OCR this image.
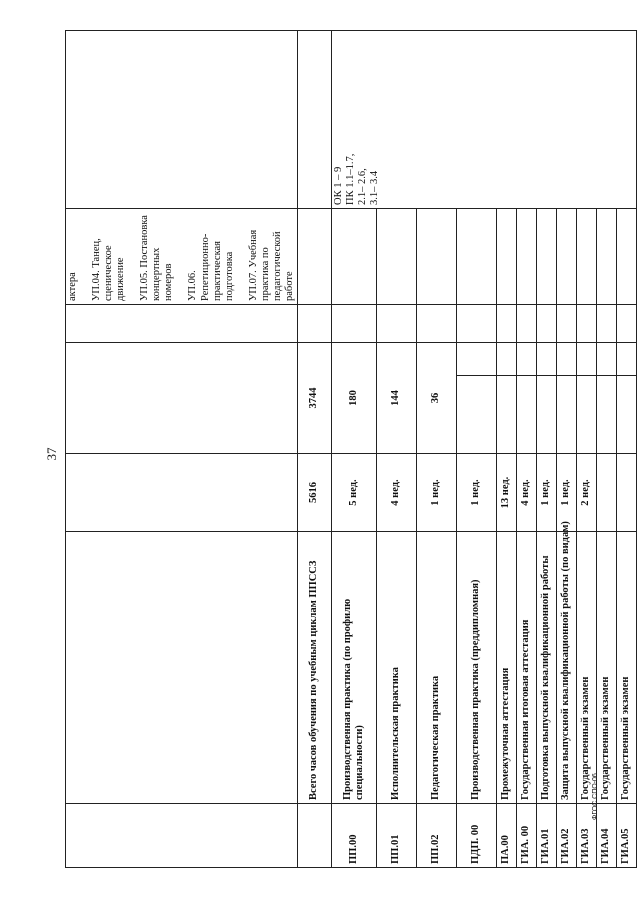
37
ФГОС СПО-06

						актера УП.04. Танец, сценическое движение УП.05. Постановка концертных номеров УП.06. Репетиционно-практическая подготовка УП.07. Учебная практика по педагогической работе	

	Всего часов обучения по учебным циклам ППССЗ	5616	3744				
ПП.00	Производственная практика (по профилю специальности)	5 нед.	180				ОК 1 – 9 ПК 1.1–1.7, 2.1– 2.6, 3.1– 3.4

ПП.01	Исполнительская практика	4 нед.	144				
ПП.02	Педагогическая практика	1 нед.	36				
ПДП. 00	Производственная практика (преддипломная)	1 нед.					
ПА.00	Промежуточная аттестация	13 нед.					
ГИА. 00	Государственная итоговая аттестация	4 нед.					
ГИА.01	Подготовка выпускной квалификационной работы	1 нед.					
ГИА.02	Защита выпускной квалификационной работы (по видам)	1 нед.					
ГИА.03	Государственный экзамен	2 нед.					
ГИА.04	Государственный экзамен						
ГИА.05	Государственный экзамен						
